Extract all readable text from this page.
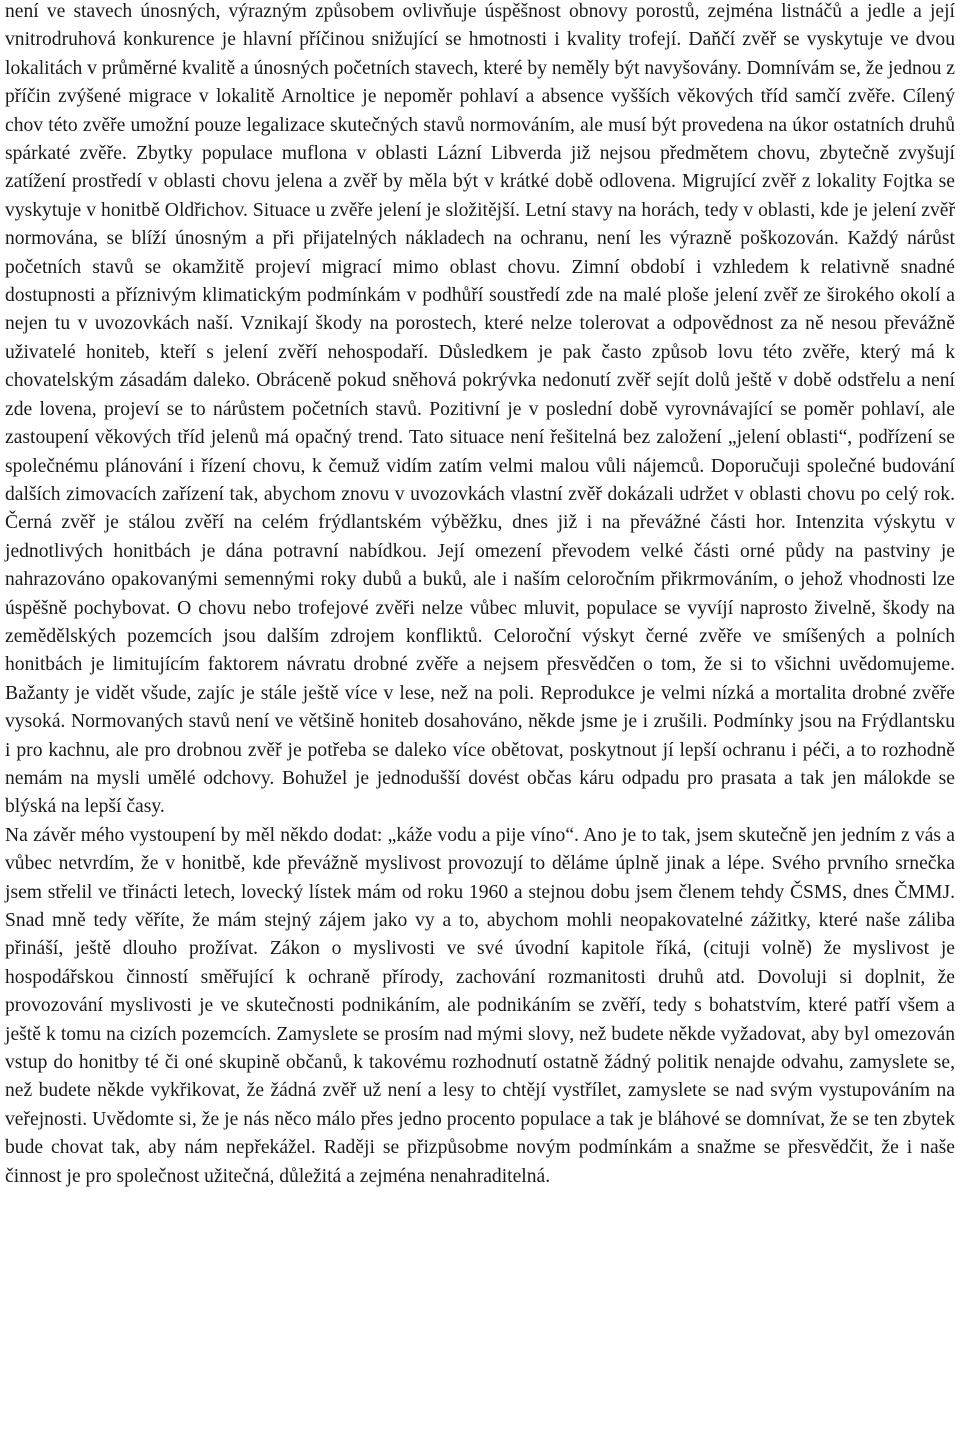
není ve stavech únosných, výrazným způsobem ovlivňuje úspěšnost obnovy porostů, zejména listnáčů a jedle a její vnitrodruhová konkurence je hlavní příčinou snižující se hmotnosti i kvality trofejí. Daňčí zvěř se vyskytuje ve dvou lokalitách v průměrné kvalitě a únosných početních stavech, které by neměly být navyšovány. Domnívám se, že jednou z příčin zvýšené migrace v lokalitě Arnoltice je nepoměr pohlaví a absence vyšších věkových tříd samčí zvěře. Cílený chov této zvěře umožní pouze legalizace skutečných stavů normováním, ale musí být provedena na úkor ostatních druhů spárkaté zvěře. Zbytky populace muflona v oblasti Lázní Libverda již nejsou předmětem chovu, zbytečně zvyšují zatížení prostředí v oblasti chovu jelena a zvěř by měla být v krátké době odlovena. Migrující zvěř z lokality Fojtka se vyskytuje v honitbě Oldřichov. Situace u zvěře jelení je složitější. Letní stavy na horách, tedy v oblasti, kde je jelení zvěř normována, se blíží únosným a při přijatelných nákladech na ochranu, není les výrazně poškozován. Každý nárůst početních stavů se okamžitě projeví migrací mimo oblast chovu. Zimní období i vzhledem k relativně snadné dostupnosti a příznivým klimatickým podmínkám v podhůří soustředí zde na malé ploše jelení zvěř ze širokého okolí a nejen tu v uvozovkách naší. Vznikají škody na porostech, které nelze tolerovat a odpovědnost za ně nesou převážně uživatelé honiteb, kteří s jelení zvěří nehospodaří. Důsledkem je pak často způsob lovu této zvěře, který má k chovatelským zásadám daleko. Obráceně pokud sněhová pokrývka nedonutí zvěř sejít dolů ještě v době odstřelu a není zde lovena, projeví se to nárůstem početních stavů. Pozitivní je v poslední době vyrovnávající se poměr pohlaví, ale zastoupení věkových tříd jelenů má opačný trend. Tato situace není řešitelná bez založení „jelení oblasti“, podřízení se společnému plánování i řízení chovu, k čemuž vidím zatím velmi malou vůli nájemců. Doporučuji společné budování dalších zimovacích zařízení tak, abychom znovu v uvozovkách vlastní zvěř dokázali udržet v oblasti chovu po celý rok. Černá zvěř je stálou zvěří na celém frýdlantském výběžku, dnes již i na převážné části hor. Intenzita výskytu v jednotlivých honitbách je dána potravní nabídkou. Její omezení převodem velké části orné půdy na pastviny je nahrazováno opakovanými semennými roky dubů a buků, ale i naším celoročním přikrmováním, o jehož vhodnosti lze úspěšně pochybovat. O chovu nebo trofejové zvěři nelze vůbec mluvit, populace se vyvíjí naprosto živelně, škody na zemědělských pozemcích jsou dalším zdrojem konfliktů. Celoroční výskyt černé zvěře ve smíšených a polních honitbách je limitujícím faktorem návratu drobné zvěře a nejsem přesvědčen o tom, že si to všichni uvědomujeme. Bažanty je vidět všude, zajíc je stále ještě více v lese, než na poli. Reprodukce je velmi nízká a mortalita drobné zvěře vysoká. Normovaných stavů není ve většině honiteb dosahováno, někde jsme je i zrušili. Podmínky jsou na Frýdlantsku i pro kachnu, ale pro drobnou zvěř je potřeba se daleko více obětovat, poskytnout jí lepší ochranu i péči, a to rozhodně nemám na mysli umělé odchovy. Bohužel je jednodušší dovést občas káru odpadu pro prasata a tak jen málokde se blýská na lepší časy.

Na závěr mého vystoupení by měl někdo dodat: „káže vodu a pije víno“. Ano je to tak, jsem skutečně jen jedním z vás a vůbec netvrdím, že v honitbě, kde převážně myslivost provozují to děláme úplně jinak a lépe. Svého prvního srnečka jsem střelil ve třinácti letech, lovecký lístek mám od roku 1960 a stejnou dobu jsem členem tehdy ČSMS, dnes ČMMJ. Snad mně tedy věříte, že mám stejný zájem jako vy a to, abychom mohli neopakovatelné zážitky, které naše záliba přináší, ještě dlouho prožívat. Zákon o myslivosti ve své úvodní kapitole říká, (cituji volně) že myslivost je hospodářskou činností směřující k ochraně přírody, zachování rozmanitosti druhů atd. Dovoluji si doplnit, že provozování myslivosti je ve skutečnosti podnikáním, ale podnikáním se zvěří, tedy s bohatstvím, které patří všem a ještě k tomu na cizích pozemcích. Zamyslete se prosím nad mými slovy, než budete někde vyžadovat, aby byl omezován vstup do honitby té či oné skupině občanů, k takovému rozhodnutí ostatně žádný politik nenajde odvahu, zamyslete se, než budete někde vykřikovat, že žádná zvěř už není a lesy to chtějí vystřílet, zamyslete se nad svým vystupováním na veřejnosti. Uvědomte si, že je nás něco málo přes jedno procento populace a tak je bláhové se domnívat, že se ten zbytek bude chovat tak, aby nám nepřekážel. Raději se přizpůsobme novým podmínkám a snažme se přesvědčit, že i naše činnost je pro společnost užitečná, důležitá a zejména nenahraditelná.
